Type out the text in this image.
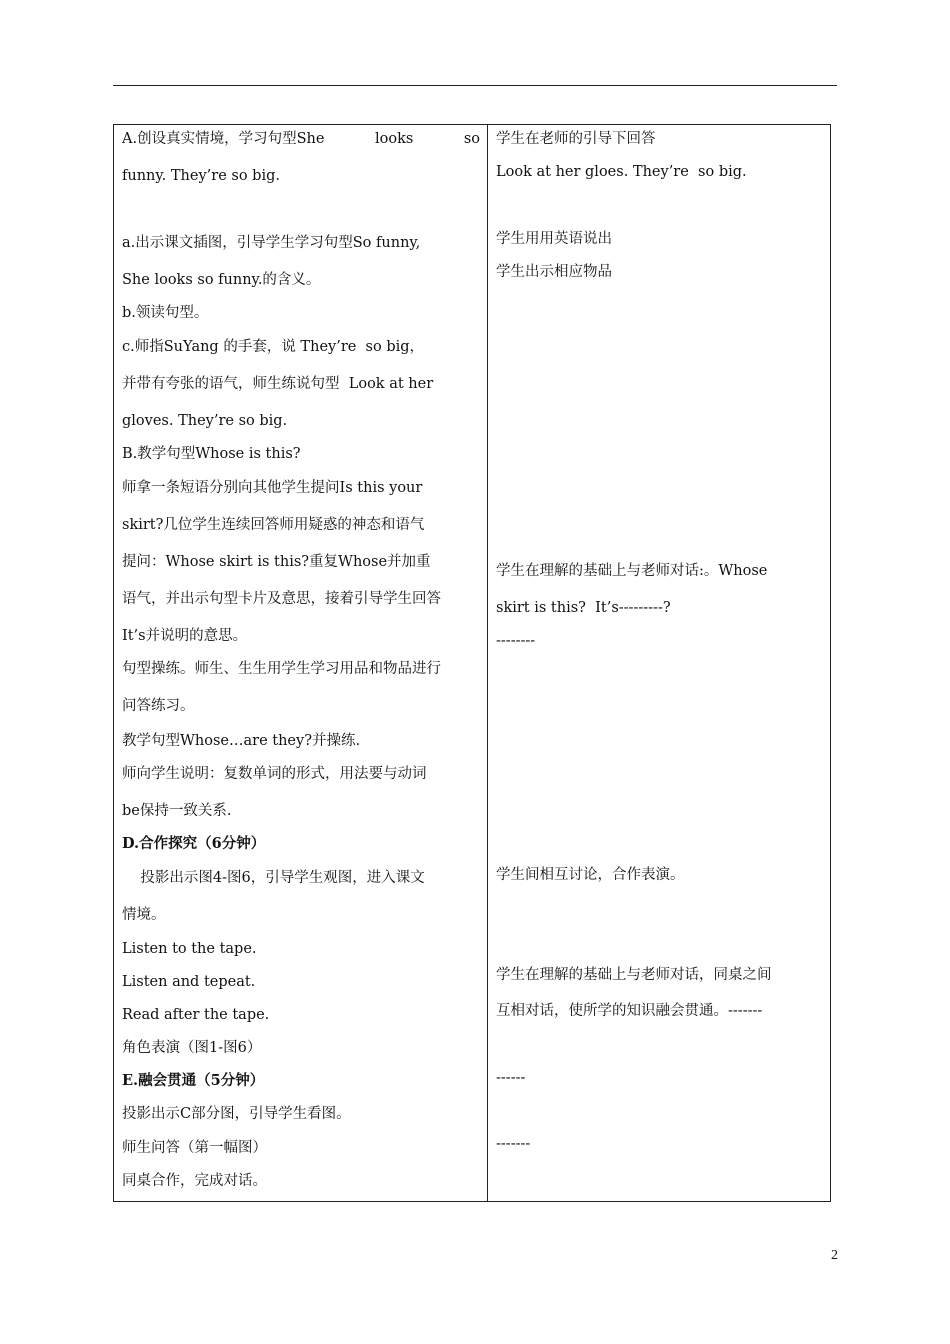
A.创设真实情境，学习句型She	looks	so
funny. They’re so big.
a.出示课文插图，引导学生学习句型So funny,
She looks so funny.的含义。
b.领读句型。
c.师指SuYang 的手套，说 They’re  so big，
并带有夸张的语气，师生练说句型  Look at her
gloves. They’re so big.
B.教学句型Whose is this?
师拿一条短语分别向其他学生提问Is this your
skirt?几位学生连续回答师用疑惑的神态和语气
提问：Whose skirt is this?重复Whose并加重
语气，并出示句型卡片及意思，接着引导学生回答
It’s并说明的意思。
句型操练。师生、生生用学生学习用品和物品进行
问答练习。
教学句型Whose…are they?并操练.
师向学生说明：复数单词的形式，用法要与动词
be保持一致关系.
D.合作探究（6分钟）
投影出示图4-图6，引导学生观图，进入课文
情境。
Listen to the tape.
Listen and tepeat.
Read after the tape.
角色表演（图1-图6）
E.融会贯通（5分钟）
投影出示C部分图，引导学生看图。
师生问答（第一幅图）
同桌合作，完成对话。
学生在老师的引导下回答
Look at her gloes. They’re  so big.
学生用用英语说出
学生出示相应物品
学生在理解的基础上与老师对话:。Whose
skirt is this?  It’s---------?
--------
学生间相互讨论，合作表演。
学生在理解的基础上与老师对话，同桌之间
互相对话，使所学的知识融会贯通。-------
------
-------
2
